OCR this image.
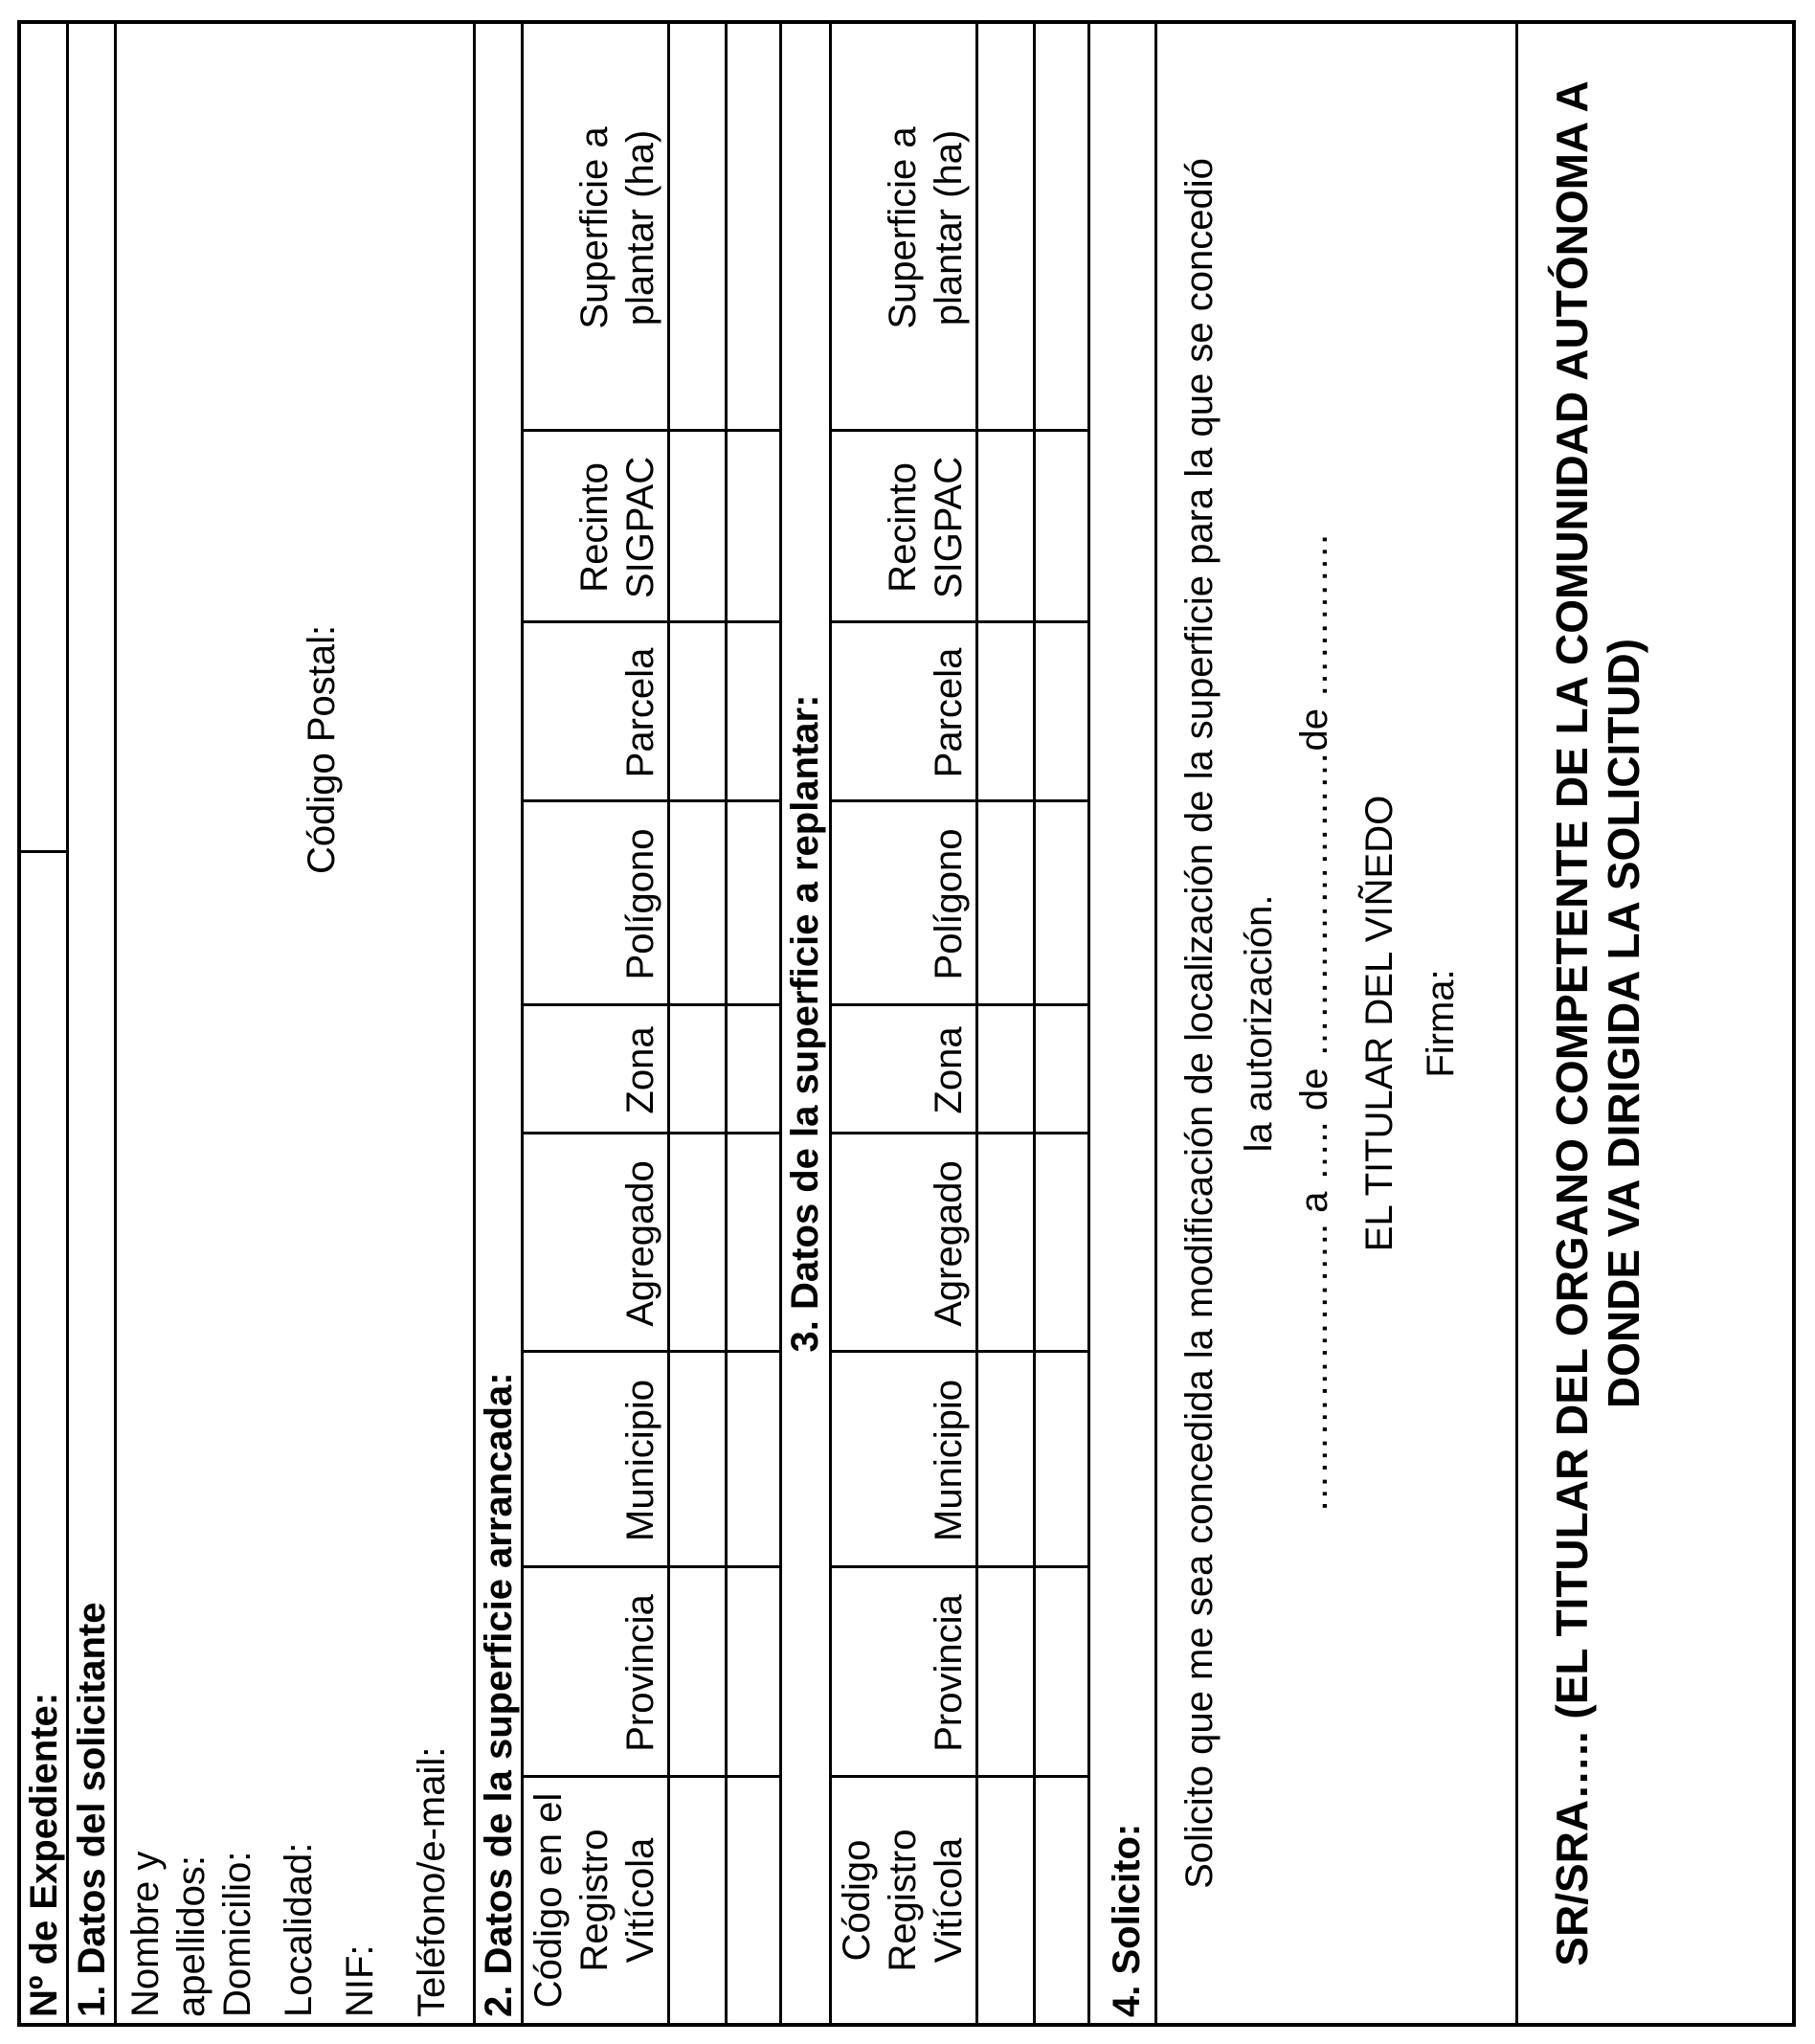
Nº de Expediente: 1. Datos del solicitante Nombre y
apellidos: Domicilio: Localidad: NIF: Teléfono/e-mail:
Código Postal:
2. Datos de la superficie arrancada: Código en el
Registro
Vitícola
Provincia
Municipio
Agregado
Zona
Polígono
Parcela
Recinto
SIGPAC
Superficie a
plantar (ha)
3. Datos de la superficie a replantar:
Código
Registro
Vitícola
Provincia
Municipio
Agregado
Zona
Polígono
Parcela
Recinto
SIGPAC
Superficie a
plantar (ha)
4. Solicito:
Solicito que me sea concedida la modificación de localización de la superficie para la que se concedió la autorización. ………………….. a ….. de ……………………de …………. EL TITULAR DEL VIÑEDO Firma: SR/SRA….. (EL TITULAR DEL ORGANO COMPETENTE DE LA COMUNIDAD AUTÓNOMA A DONDE VA DIRIGIDA LA SOLICITUD)
